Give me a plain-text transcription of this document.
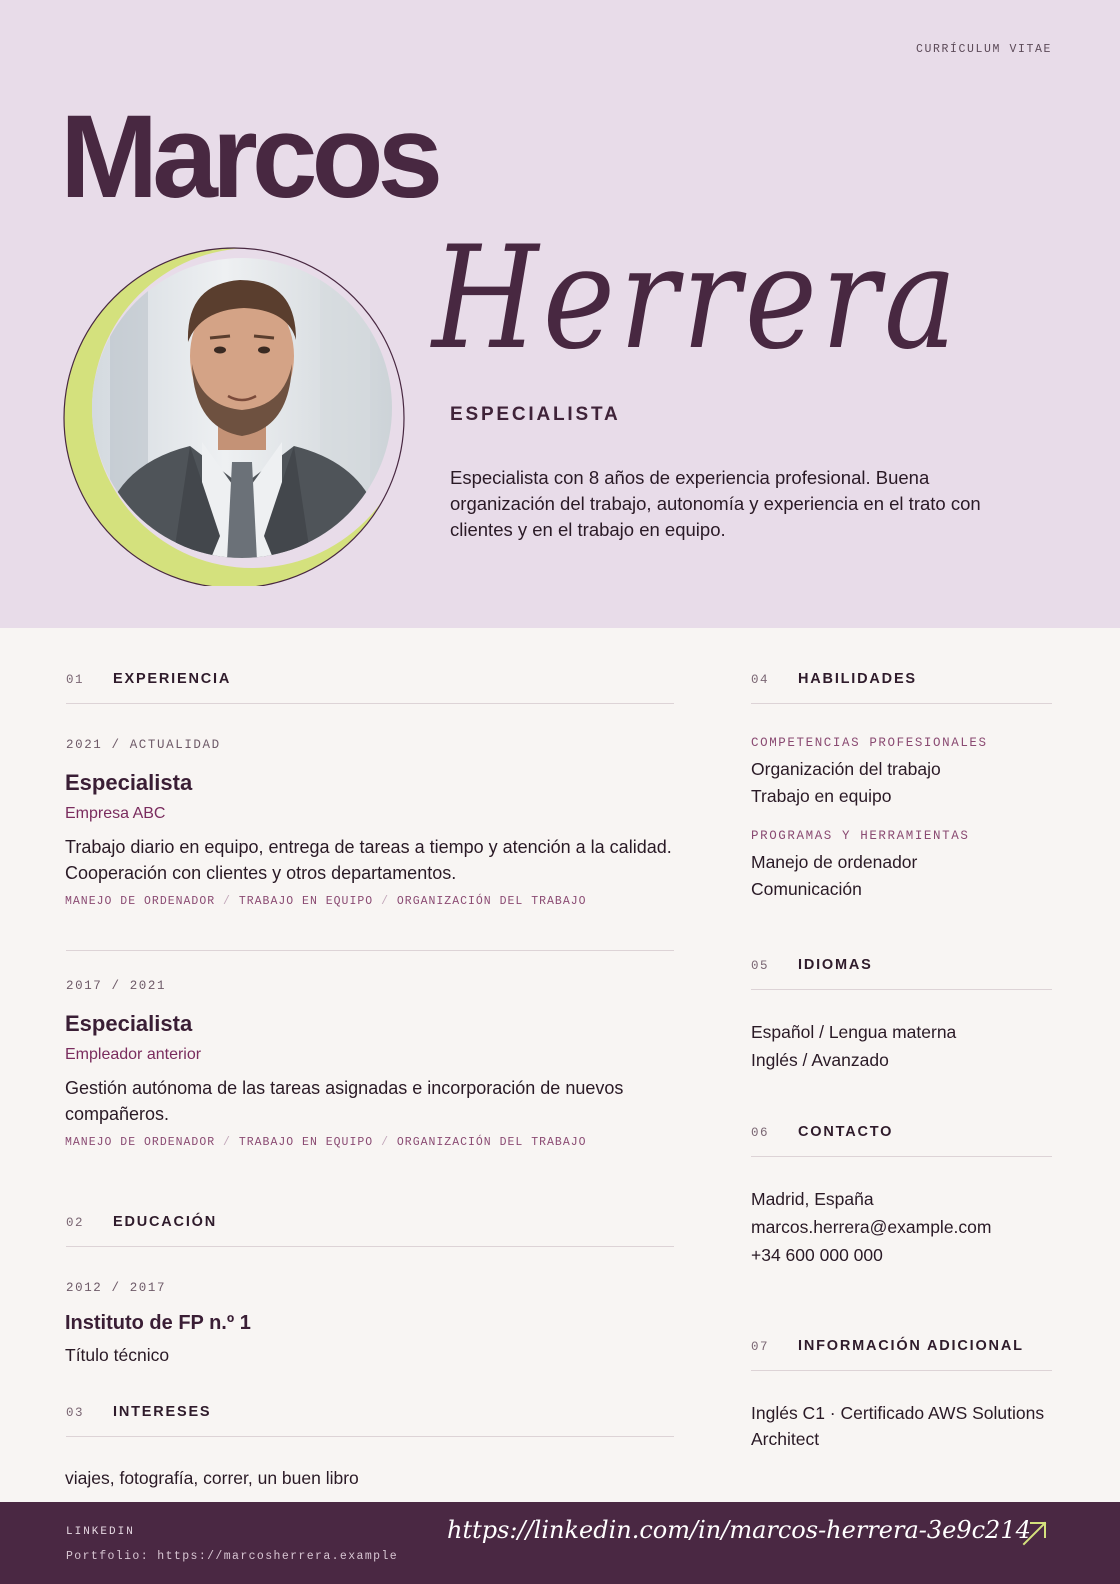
CURRÍCULUM VITAE
Marcos
Herrera
ESPECIALISTA
Especialista con 8 años de experiencia profesional. Buena organización del trabajo, autonomía y experiencia en el trato con clientes y en el trabajo en equipo.
01	EXPERIENCIA
2021 / ACTUALIDAD
Especialista
Empresa ABC
Trabajo diario en equipo, entrega de tareas a tiempo y atención a la calidad. Cooperación con clientes y otros departamentos.
MANEJO DE ORDENADOR / TRABAJO EN EQUIPO / ORGANIZACIÓN DEL TRABAJO
2017 / 2021
Especialista
Empleador anterior
Gestión autónoma de las tareas asignadas e incorporación de nuevos compañeros.
MANEJO DE ORDENADOR / TRABAJO EN EQUIPO / ORGANIZACIÓN DEL TRABAJO
02	EDUCACIÓN
2012 / 2017
Instituto de FP n.º 1
Título técnico
03	INTERESES
viajes, fotografía, correr, un buen libro
04	HABILIDADES
COMPETENCIAS PROFESIONALES
Organización del trabajo
Trabajo en equipo
PROGRAMAS Y HERRAMIENTAS
Manejo de ordenador
Comunicación
05	IDIOMAS
Español / Lengua materna
Inglés / Avanzado
06	CONTACTO
Madrid, España
marcos.herrera@example.com
+34 600 000 000
07	INFORMACIÓN ADICIONAL
Inglés C1 · Certificado AWS Solutions Architect
LINKEDIN
Portfolio: https://marcosherrera.example
https://linkedin.com/in/marcos-herrera-3e9c214
